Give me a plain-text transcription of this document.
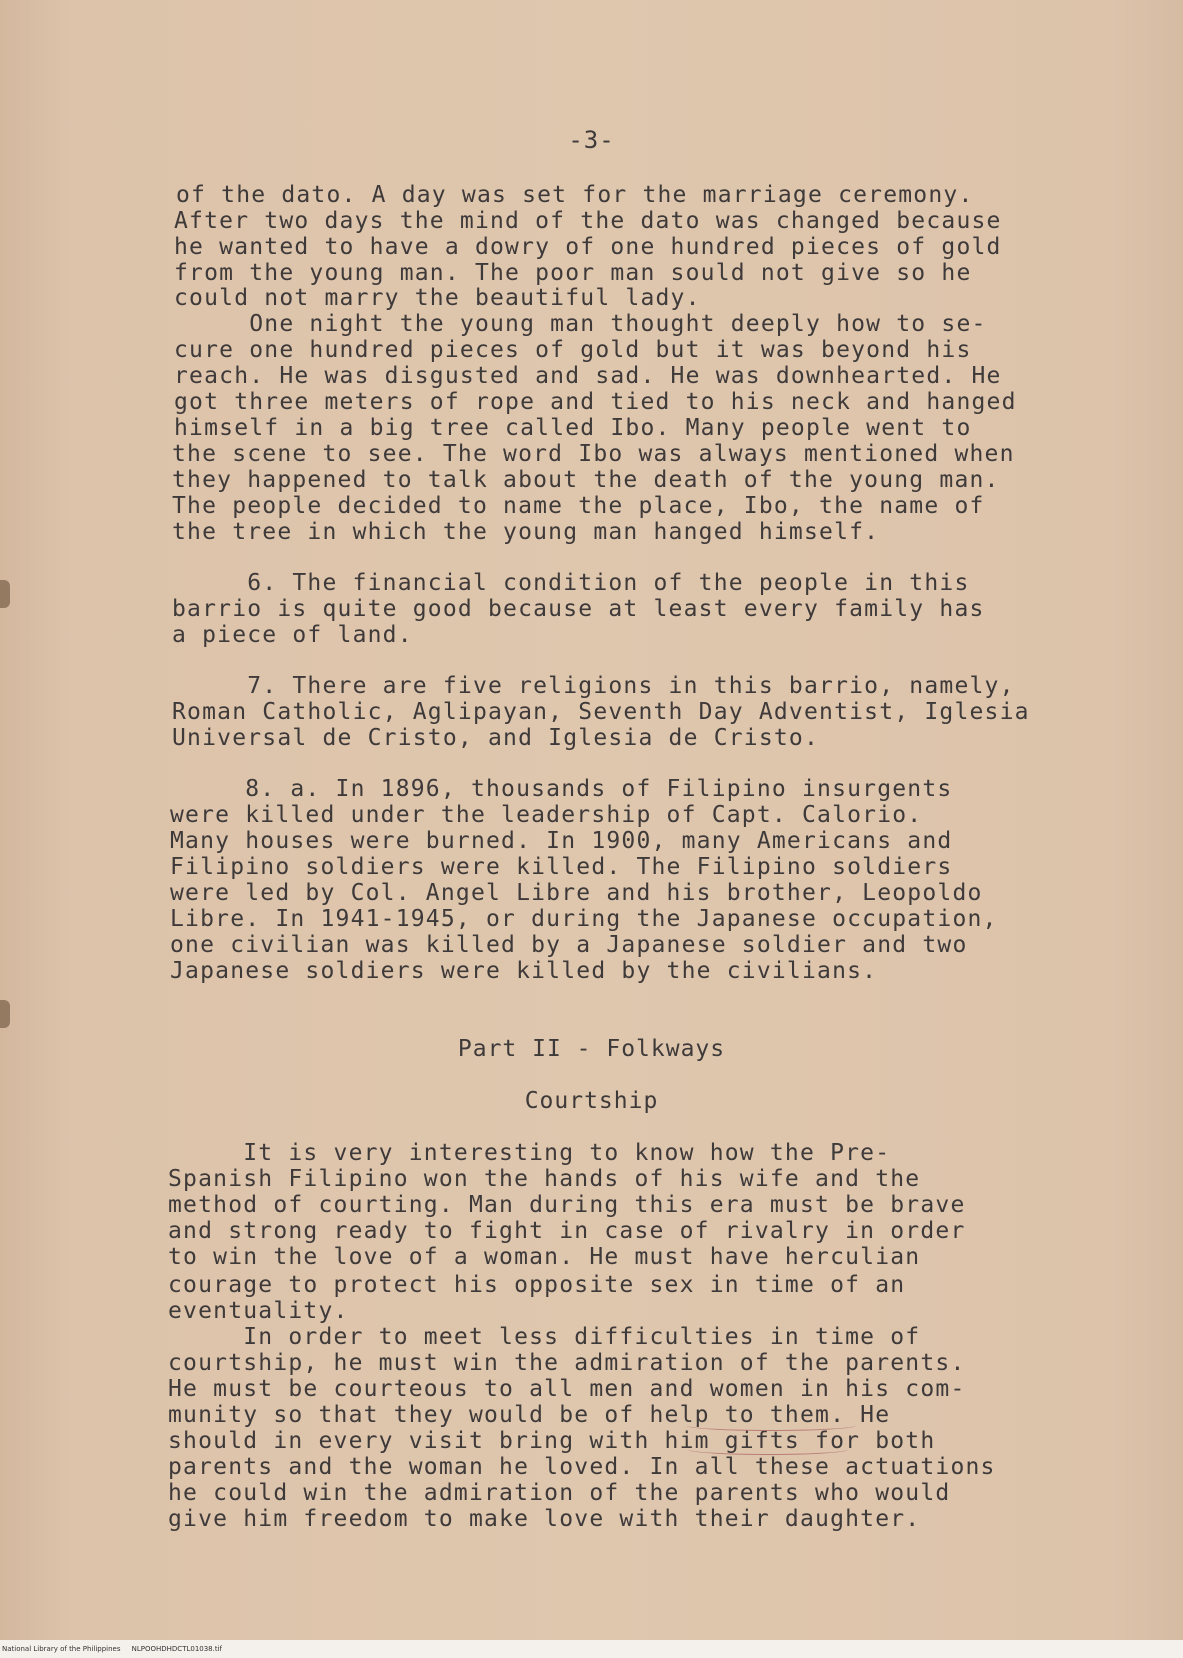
-3-
of the dato. A day was set for the marriage ceremony.
After two days the mind of the dato was changed because
he wanted to have a dowry of one hundred pieces of gold
from the young man. The poor man sould not give so he
could not marry the beautiful lady.
One night the young man thought deeply how to se-
cure one hundred pieces of gold but it was beyond his
reach. He was disgusted and sad. He was downhearted. He
got three meters of rope and tied to his neck and hanged
himself in a big tree called Ibo. Many people went to
the scene to see. The word Ibo was always mentioned when
they happened to talk about the death of the young man.
The people decided to name the place, Ibo, the name of
the tree in which the young man hanged himself.
6. The financial condition of the people in this
barrio is quite good because at least every family has
a piece of land.
7. There are five religions in this barrio, namely,
Roman Catholic, Aglipayan, Seventh Day Adventist, Iglesia
Universal de Cristo, and Iglesia de Cristo.
8. a. In 1896, thousands of Filipino insurgents
were killed under the leadership of Capt. Calorio.
Many houses were burned. In 1900, many Americans and
Filipino soldiers were killed. The Filipino soldiers
were led by Col. Angel Libre and his brother, Leopoldo
Libre. In 1941-1945, or during the Japanese occupation,
one civilian was killed by a Japanese soldier and two
Japanese soldiers were killed by the civilians.
Part II - Folkways
Courtship
It is very interesting to know how the Pre-
Spanish Filipino won the hands of his wife and the
method of courting. Man during this era must be brave
and strong ready to fight in case of rivalry in order
to win the love of a woman. He must have herculian
courage to protect his opposite sex in time of an
eventuality.
In order to meet less difficulties in time of
courtship, he must win the admiration of the parents.
He must be courteous to all men and women in his com-
munity so that they would be of help to them. He
should in every visit bring with him gifts for both
parents and the woman he loved. In all these actuations
he could win the admiration of the parents who would
give him freedom to make love with their daughter.
National Library of the Philippines     NLPOOHDHDCTL01038.tif
